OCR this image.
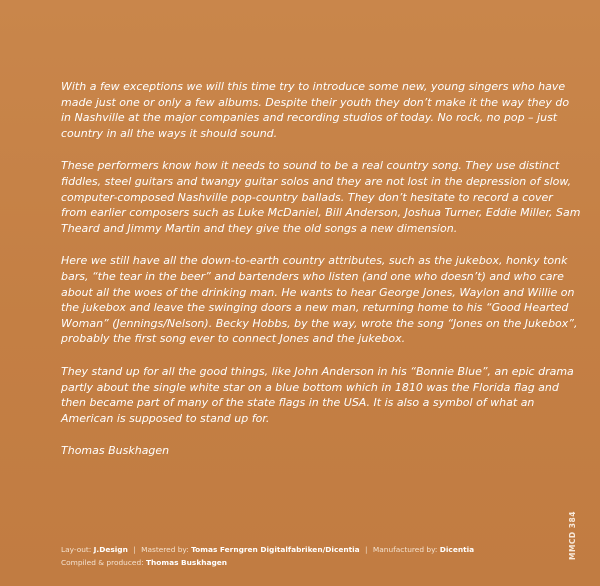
With a few exceptions we will this time try to introduce some new, young singers who have made just one or only a few albums. Despite their youth they don’t make it the way they do in Nashville at the major companies and recording studios of today. No rock, no pop – just country in all the ways it should sound.

These performers know how it needs to sound to be a real country song. They use distinct fiddles, steel guitars and twangy guitar solos and they are not lost in the depression of slow, computer-composed Nashville pop-country ballads. They don’t hesitate to record a cover from earlier composers such as Luke McDaniel, Bill Anderson, Joshua Turner, Eddie Miller, Sam Theard and Jimmy Martin and they give the old songs a new dimension.

Here we still have all the down-to-earth country attributes, such as the jukebox, honky tonk bars, “the tear in the beer” and bartenders who listen (and one who doesn’t) and who care about all the woes of the drinking man. He wants to hear George Jones, Waylon and Willie on the jukebox and leave the swinging doors a new man, returning home to his “Good Hearted Woman” (Jennings/Nelson). Becky Hobbs, by the way, wrote the song “Jones on the Jukebox”, probably the first song ever to connect Jones and the jukebox.

They stand up for all the good things, like John Anderson in his “Bonnie Blue”, an epic drama partly about the single white star on a blue bottom which in 1810 was the Florida flag and then became part of many of the state flags in the USA. It is also a symbol of what an American is supposed to stand up for.

Thomas Buskhagen

Lay-out: J.Design | Mastered by: Tomas Ferngren Digitalfabriken/Dicentia | Manufactured by: Dicentia
Compiled & produced: Thomas Buskhagen
MMCD 384
